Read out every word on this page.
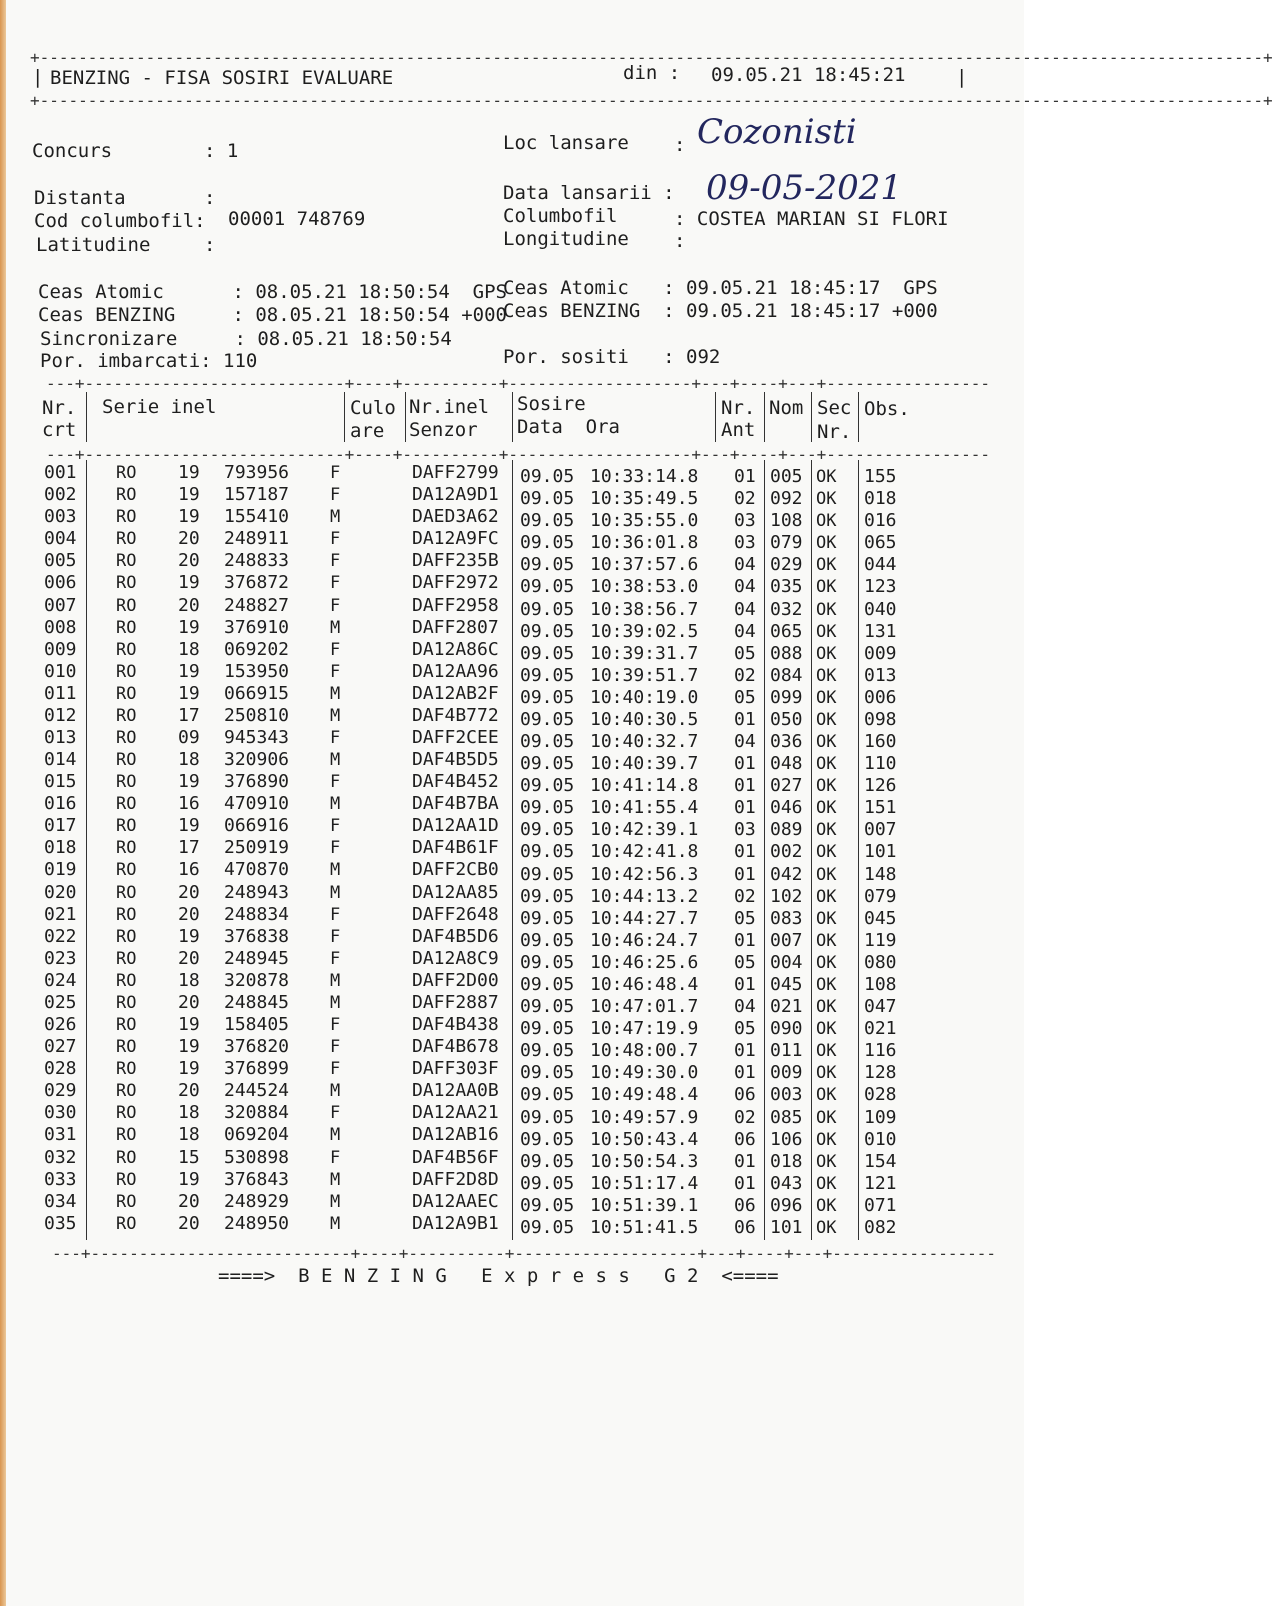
+-------------------------------------------------------------------------------------------------------------------------------+
| BENZING - FISA SOSIRI EVALUARE	din : 09.05.21 18:45:21	|
+-------------------------------------------------------------------------------------------------------------------------------+
Concurs	: 1	Loc lansare : Cozonisti
Distanta	:
Cod columbofil: 00001 748769
Latitudine	:
Data lansarii : 09-05-2021
Columbofil	: COSTEA MARIAN SI FLORI
Longitudine :
Ceas Atomic      : 08.05.21 18:50:54  GPS
Ceas BENZING     : 08.05.21 18:50:54 +000
Sincronizare     : 08.05.21 18:50:54
Por. imbarcati: 110
Ceas Atomic   : 09.05.21 18:45:17  GPS
Ceas BENZING  : 09.05.21 18:45:17 +000
Por. sositi   : 092
---+---------------------------+----+----------+-------------------+---+----+---+-----------------
Nr.
crt
Serie inel	Culo
are
Nr.inel
Senzor
Sosire
Data  Ora
Nr.
Ant
Nom Sec
Nr.
Obs.
---+---------------------------+----+----------+-------------------+---+----+---+-----------------
001 RO 19 793956 F	DAFF2799 09.05 10:33:14.8 01 005 OK 155
002 RO 19 157187 F	DA12A9D1 09.05 10:35:49.5 02 092 OK 018
003 RO 19 155410 M	DAED3A62 09.05 10:35:55.0 03 108 OK 016
004 RO 20 248911 F	DA12A9FC 09.05 10:36:01.8 03 079 OK 065
005 RO 20 248833 F	DAFF235B 09.05 10:37:57.6 04 029 OK 044
006 RO 19 376872 F	DAFF2972 09.05 10:38:53.0 04 035 OK 123
007 RO 20 248827 F	DAFF2958 09.05 10:38:56.7 04 032 OK 040
008 RO 19 376910 M	DAFF2807 09.05 10:39:02.5 04 065 OK 131
009 RO 18 069202 F	DA12A86C 09.05 10:39:31.7 05 088 OK 009
010 RO 19 153950 F	DA12AA96 09.05 10:39:51.7 02 084 OK 013
011 RO 19 066915 M	DA12AB2F 09.05 10:40:19.0 05 099 OK 006
012 RO 17 250810 M	DAF4B772 09.05 10:40:30.5 01 050 OK 098
013 RO 09 945343 F	DAFF2CEE 09.05 10:40:32.7 04 036 OK 160
014 RO 18 320906 M	DAF4B5D5 09.05 10:40:39.7 01 048 OK 110
015 RO 19 376890 F	DAF4B452 09.05 10:41:14.8 01 027 OK 126
016 RO 16 470910 M	DAF4B7BA 09.05 10:41:55.4 01 046 OK 151
017 RO 19 066916 F	DA12AA1D 09.05 10:42:39.1 03 089 OK 007
018 RO 17 250919 F	DAF4B61F 09.05 10:42:41.8 01 002 OK 101
019 RO 16 470870 M	DAFF2CB0 09.05 10:42:56.3 01 042 OK 148
020 RO 20 248943 M	DA12AA85 09.05 10:44:13.2 02 102 OK 079
021 RO 20 248834 F	DAFF2648 09.05 10:44:27.7 05 083 OK 045
022 RO 19 376838 F	DAF4B5D6 09.05 10:46:24.7 01 007 OK 119
023 RO 20 248945 F	DA12A8C9 09.05 10:46:25.6 05 004 OK 080
024 RO 18 320878 M	DAFF2D00 09.05 10:46:48.4 01 045 OK 108
025 RO 20 248845 M	DAFF2887 09.05 10:47:01.7 04 021 OK 047
026 RO 19 158405 F	DAF4B438 09.05 10:47:19.9 05 090 OK 021
027 RO 19 376820 F	DAF4B678 09.05 10:48:00.7 01 011 OK 116
028 RO 19 376899 F	DAFF303F 09.05 10:49:30.0 01 009 OK 128
029 RO 20 244524 M	DA12AA0B 09.05 10:49:48.4 06 003 OK 028
030 RO 18 320884 F	DA12AA21 09.05 10:49:57.9 02 085 OK 109
031 RO 18 069204 M	DA12AB16 09.05 10:50:43.4 06 106 OK 010
032 RO 15 530898 F	DAF4B56F 09.05 10:50:54.3 01 018 OK 154
033 RO 19 376843 M	DAFF2D8D 09.05 10:51:17.4 01 043 OK 121
034 RO 20 248929 M	DA12AAEC 09.05 10:51:39.1 06 096 OK 071
035 RO 20 248950 M	DA12A9B1 09.05 10:51:41.5 06 101 OK 082
---+---------------------------+----+----------+-------------------+---+----+---+-----------------
====>  B E N Z I N G   E x p r e s s   G 2  <====
